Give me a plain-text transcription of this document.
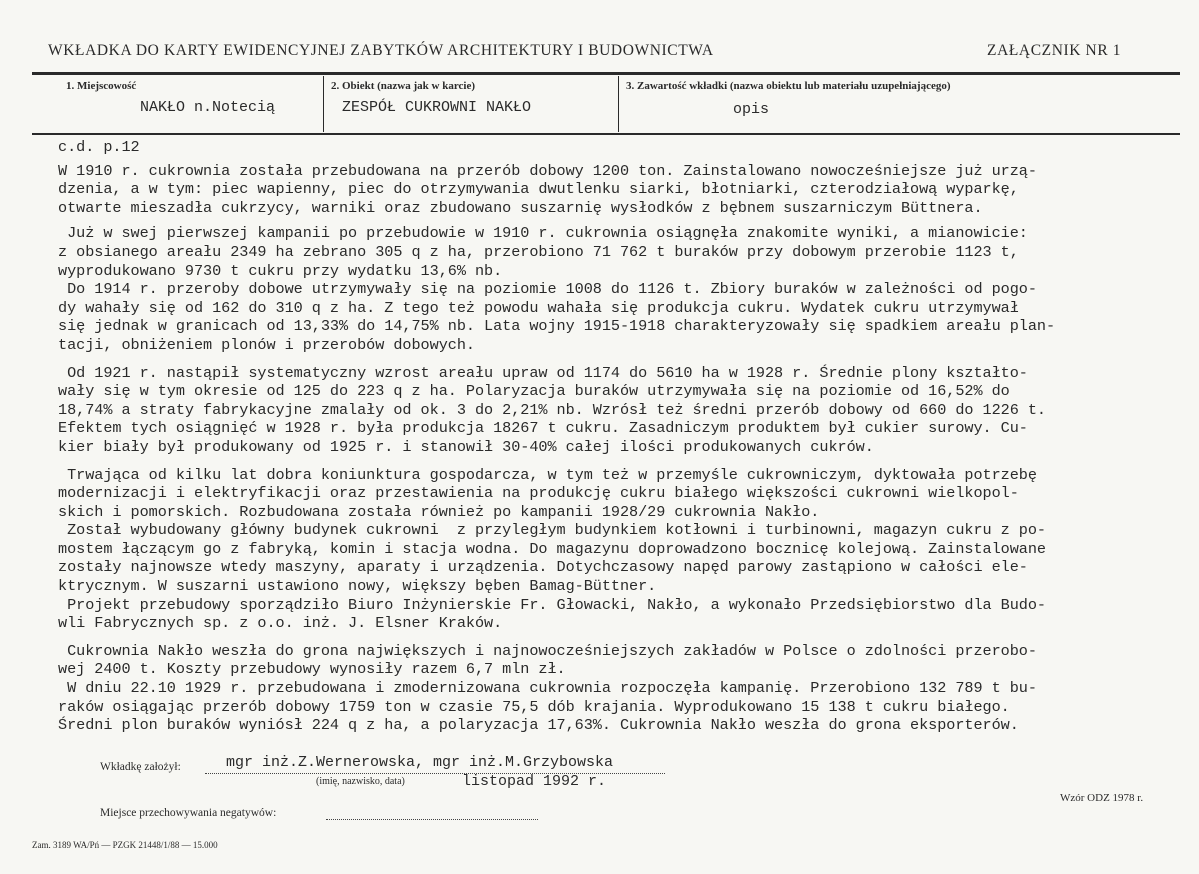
WKŁADKA DO KARTY EWIDENCYJNEJ ZABYTKÓW ARCHITEKTURY I BUDOWNICTWA	ZAŁĄCZNIK NR 1
1. Miejscowość
NAKŁO n.Notecią
2. Obiekt (nazwa jak w karcie)
ZESPÓŁ CUKROWNI NAKŁO
3. Zawartość wkładki (nazwa obiektu lub materiału uzupełniającego)
opis
c.d. p.12
W 1910 r. cukrownia została przebudowana na przerób dobowy 1200 ton. Zainstalowano nowocześniejsze już urzą-
dzenia, a w tym: piec wapienny, piec do otrzymywania dwutlenku siarki, błotniarki, czterodziałową wyparkę,
otwarte mieszadła cukrzycy, warniki oraz zbudowano suszarnię wysłodków z bębnem suszarniczym Büttnera.
Już w swej pierwszej kampanii po przebudowie w 1910 r. cukrownia osiągnęła znakomite wyniki, a mianowicie:
z obsianego areału 2349 ha zebrano 305 q z ha, przerobiono 71 762 t buraków przy dobowym przerobie 1123 t,
wyprodukowano 9730 t cukru przy wydatku 13,6% nb.
Do 1914 r. przeroby dobowe utrzymywały się na poziomie 1008 do 1126 t. Zbiory buraków w zależności od pogo-
dy wahały się od 162 do 310 q z ha. Z tego też powodu wahała się produkcja cukru. Wydatek cukru utrzymywał
się jednak w granicach od 13,33% do 14,75% nb. Lata wojny 1915-1918 charakteryzowały się spadkiem areału plan-
tacji, obniżeniem plonów i przerobów dobowych.
Od 1921 r. nastąpił systematyczny wzrost areału upraw od 1174 do 5610 ha w 1928 r. Średnie plony kształto-
wały się w tym okresie od 125 do 223 q z ha. Polaryzacja buraków utrzymywała się na poziomie od 16,52% do
18,74% a straty fabrykacyjne zmalały od ok. 3 do 2,21% nb. Wzrósł też średni przerób dobowy od 660 do 1226 t.
Efektem tych osiągnięć w 1928 r. była produkcja 18267 t cukru. Zasadniczym produktem był cukier surowy. Cu-
kier biały był produkowany od 1925 r. i stanowił 30-40% całej ilości produkowanych cukrów.
Trwająca od kilku lat dobra koniunktura gospodarcza, w tym też w przemyśle cukrowniczym, dyktowała potrzebę
modernizacji i elektryfikacji oraz przestawienia na produkcję cukru białego większości cukrowni wielkopol-
skich i pomorskich. Rozbudowana została również po kampanii 1928/29 cukrownia Nakło.
Został wybudowany główny budynek cukrowni  z przyległym budynkiem kotłowni i turbinowni, magazyn cukru z po-
mostem łączącym go z fabryką, komin i stacja wodna. Do magazynu doprowadzono bocznicę kolejową. Zainstalowane
zostały najnowsze wtedy maszyny, aparaty i urządzenia. Dotychczasowy napęd parowy zastąpiono w całości ele-
ktrycznym. W suszarni ustawiono nowy, większy bęben Bamag-Büttner.
Projekt przebudowy sporządziło Biuro Inżynierskie Fr. Głowacki, Nakło, a wykonało Przedsiębiorstwo dla Budo-
wli Fabrycznych sp. z o.o. inż. J. Elsner Kraków.
Cukrownia Nakło weszła do grona największych i najnowocześniejszych zakładów w Polsce o zdolności przerobo-
wej 2400 t. Koszty przebudowy wynosiły razem 6,7 mln zł.
W dniu 22.10 1929 r. przebudowana i zmodernizowana cukrownia rozpoczęła kampanię. Przerobiono 132 789 t bu-
raków osiągając przerób dobowy 1759 ton w czasie 75,5 dób krajania. Wyprodukowano 15 138 t cukru białego.
Średni plon buraków wyniósł 224 q z ha, a polaryzacja 17,63%. Cukrownia Nakło weszła do grona eksporterów.
Wkładkę założył:	mgr inż.Z.Wernerowska, mgr inż.M.Grzybowska
(imię, nazwisko, data)	listopad 1992 r.
Wzór ODZ 1978 r.
Miejsce przechowywania negatywów:
Zam. 3189 WA/Pń — PZGK 21448/1/88 — 15.000
